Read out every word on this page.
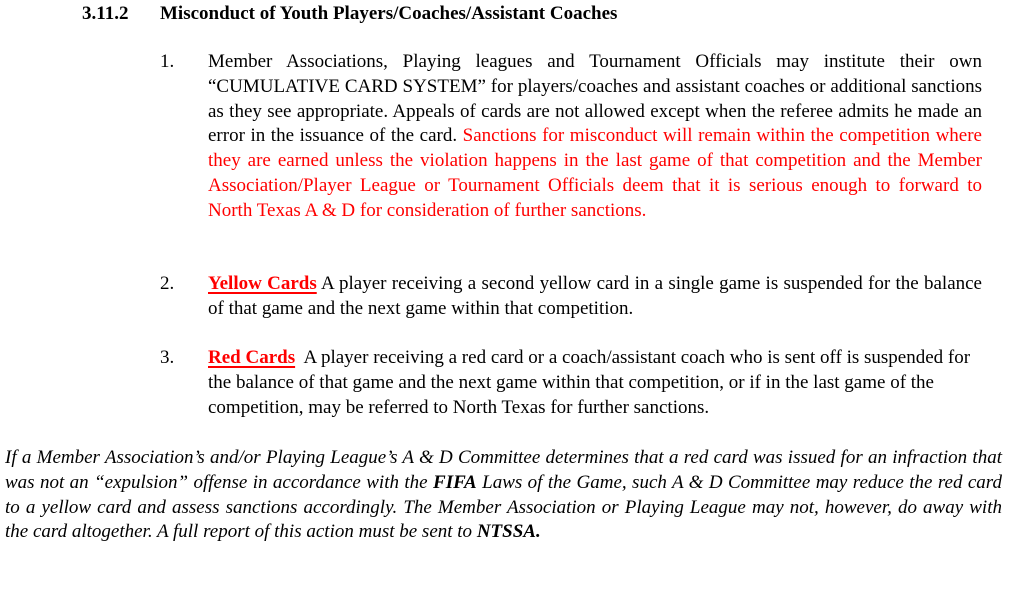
3.11.2 Misconduct of Youth Players/Coaches/Assistant Coaches
1. Member Associations, Playing leagues and Tournament Officials may institute their own “CUMULATIVE CARD SYSTEM” for players/coaches and assistant coaches or additional sanctions as they see appropriate. Appeals of cards are not allowed except when the referee admits he made an error in the issuance of the card. Sanctions for misconduct will remain within the competition where they are earned unless the violation happens in the last game of that competition and the Member Association/Player League or Tournament Officials deem that it is serious enough to forward to North Texas A & D for consideration of further sanctions.
2. Yellow Cards A player receiving a second yellow card in a single game is suspended for the balance of that game and the next game within that competition.
3. Red Cards A player receiving a red card or a coach/assistant coach who is sent off is suspended for the balance of that game and the next game within that competition, or if in the last game of the competition, may be referred to North Texas for further sanctions.
If a Member Association’s and/or Playing League’s A & D Committee determines that a red card was issued for an infraction that was not an “expulsion” offense in accordance with the FIFA Laws of the Game, such A & D Committee may reduce the red card to a yellow card and assess sanctions accordingly. The Member Association or Playing League may not, however, do away with the card altogether. A full report of this action must be sent to NTSSA.
